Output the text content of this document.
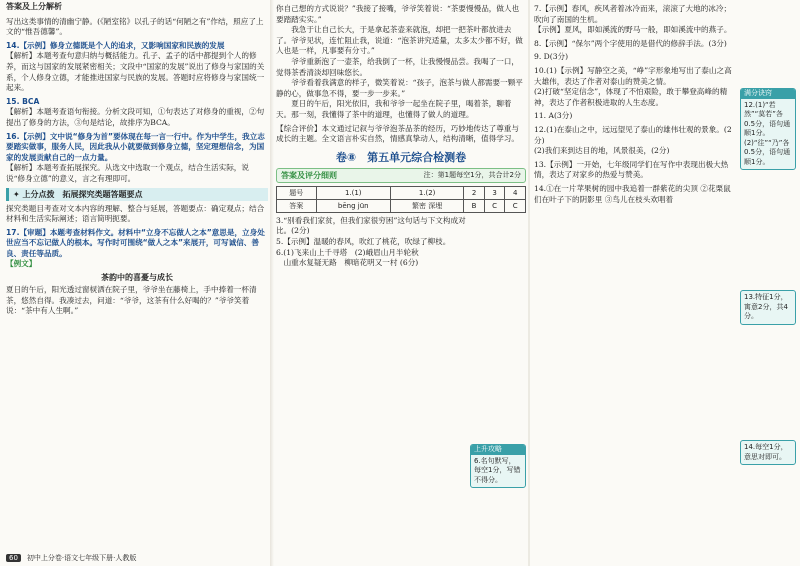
答案及上分解析

写出这类事情的清幽宁静。(《陋室铭》以孔子的话“何陋之有”作结，照应了上文的“惟吾德馨”。

14.【示例】修身立德既是个人的追求，又影响国家和民族的发展

【解析】本题考查句意归纳与概括能力。孔子、孟子的话中都提到个人的修养，而这与国家的发展紧密相关；文段中“国家的发展”说出了修身与家国的关系，个人修身立德，才能推进国家与民族的发展。答题时应将修身与家国统一起来。

15. BCA

【解析】本题考查语句衔接。分析文段可知，①句表达了对修身的重视，②句提出了修身的方法，③句是结论，故排序为BCA。

16.【示例】文中说“修身为首”要体现在每一言一行中。作为中学生，我立志要踏实做事，服务人民，因此我从小就要做到修身立德，坚定理想信念，为国家的发展贡献自己的一点力量。

【解析】本题考查拓展探究。从选文中选取一个观点，结合生活实际，说说“修身立德”的意义，言之有理即可。

✦ 上分点拨　拓展探究类题答题要点

探究类题目考查对文本内容的理解、整合与延展，答题要点：确定观点；结合材料和生活实际阐述；语言简明扼要。

17.【审题】本题考查材料作文。材料中“立身不忘做人之本”意思是，立身处世应当不忘记做人的根本。写作时可围绕“做人之本”来展开，可写诚信、善良、责任等品质。

【例文】

茶韵中的喜憂与成长

夏日的午后，阳光透过窗棂洒在院子里，爷爷坐在藤椅上，手中捧着一杯清茶，悠然自得。我凑过去，问道：“爷爷，这茶有什么好喝的？”爷爷笑着说：“茶中有人生啊。”

你自己想的方式说说？”我接了接嘴，爷爷笑着说：“茶要慢慢品，做人也要踏踏实实。”

我急于让自己长大，于是拿起茶壶来就泡，却把一把茶叶都放进去了。爷爷见状，连忙阻止我，说道：“泡茶讲究适量，太多太少都不好，做人也是一样，凡事要有分寸。”

爷爷重新泡了一壶茶，给我倒了一杯，让我慢慢品尝。我喝了一口，觉得茶香清淡却回味悠长。

爷爷看着我满意的样子，微笑着说：“孩子，泡茶与做人都需要一颗平静的心，做事急不得，要一步一步来。”

夏日的午后，阳光依旧，我和爷爷一起坐在院子里，喝着茶，聊着天。那一刻，我懂得了茶中的道理，也懂得了做人的道理。

【综合评价】本文通过记叙与爷爷泡茶品茶的经历，巧妙地传达了尊重与成长的主题。全文语言朴实自然，情感真挚动人，结构清晰，值得学习。

卷⑧　第五单元综合检测卷
答案及评分细则	注：第1题每空1分，共合计2分
题号	1.(1)	1.(2)	2	3	4
答案	bēng jūn	繁密 深埋	B	C	C

3.“别看我们家贫，但我们家很穷困”这句话与下文构成对比。(2分)

5.【示例】温暖的春风，吹红了桃花，吹绿了柳枝。

6.(1)飞来山上千寻塔　(2)峨眉山月半轮秋

　山重水复疑无路　柳暗花明又一村 (6分)

上升攻略
6.名句默写，每空1分，写错不得分。

7.【示例】春风，疾风者着冰冷而来，滚滚了大地的冰冷；吹向了南国的生机。

【示例】夏风，即如溪流的野马一般，即如溪流中的燕子。

8.【示例】“保尔”两个字使用的是借代的修辞手法。(3分)

9. D(3分)

10.(1)【示例】写静空之美，“峥”字形象地写出了泰山之高大雄伟，表达了作者对泰山的赞美之情。

(2)打破“坚定信念”，体现了不怕艰险，敢于攀登高峰的精神，表达了作者积极进取的人生态度。

11. A(3分)

12.(1)在泰山之中，远远望见了泰山的雄伟壮观的景象。(2分)

(2)我们来到达目的地，风景很美，(2分)

13.【示例】一开始，七年级同学们在写作中表现出极大热情，表达了对家乡的热爱与赞美。

14.①在一片苹果树的园中我追着一群紫花的尖顶 ②花栗鼠们在叶子下的阴影里 ③鸟儿在枝头欢唱着

满分诀窍
12.(1)“若然”“莫若”各0.5分，语句通顺1分。(2)“往”“乃”各0.5分，语句通顺1分。
13.特征1分，寓意2分，共4分。
14.每空1分，意思对即可。
60	初中上分卷·语文七年级下册·人教版
